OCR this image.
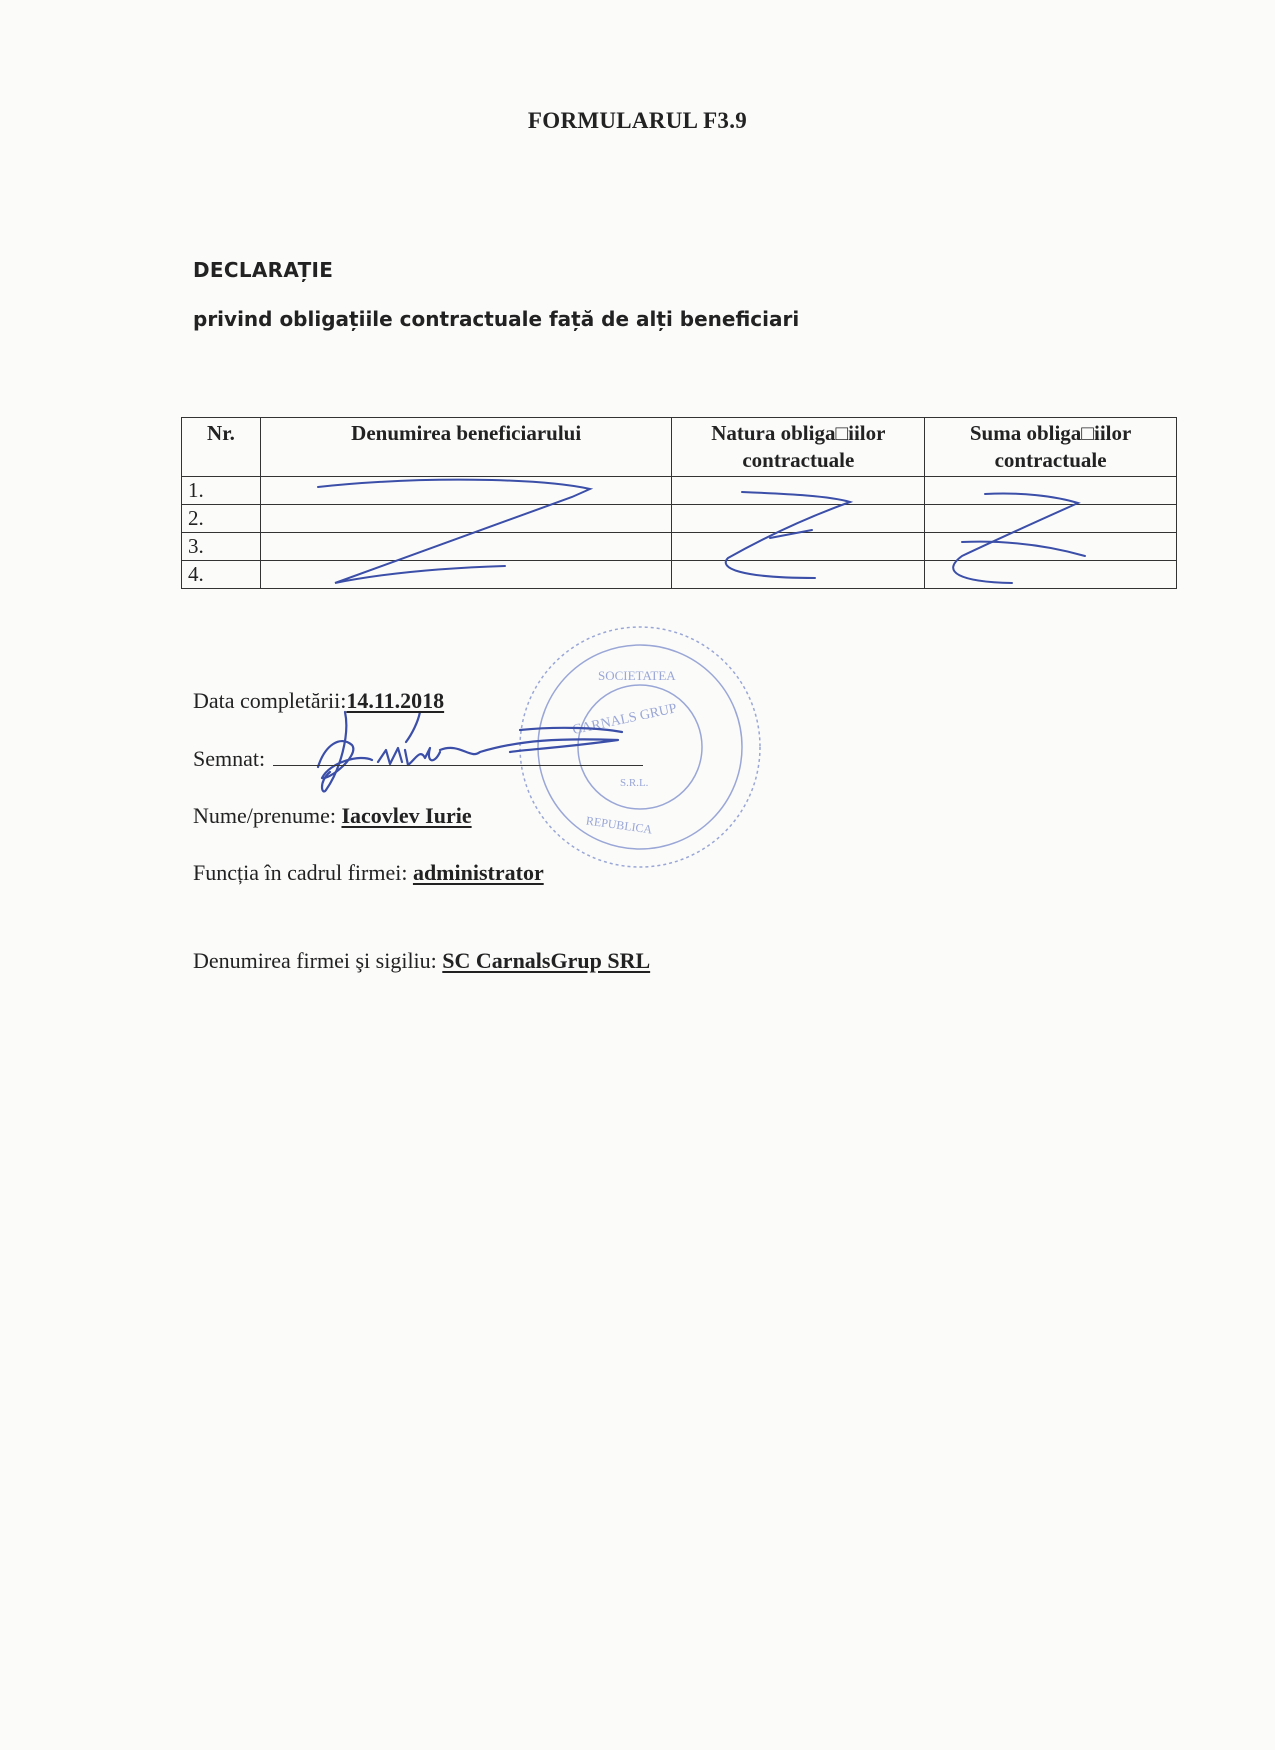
FORMULARUL F3.9
DECLARAȚIE
privind obligațiile contractuale față de alți beneficiari
Nr.	Denumirea beneficiarului	Natura obliga□iilor contractuale	Suma obliga□iilor contractuale
1.			
2.			
3.			
4.			
SOCIETATEA
CARNALS GRUP
S.R.L.
REPUBLICA
Data completării:14.11.2018
Semnat:
Nume/prenume: Iacovlev Iurie
Funcția în cadrul firmei: administrator
Denumirea firmei şi sigiliu: SC CarnalsGrup SRL
